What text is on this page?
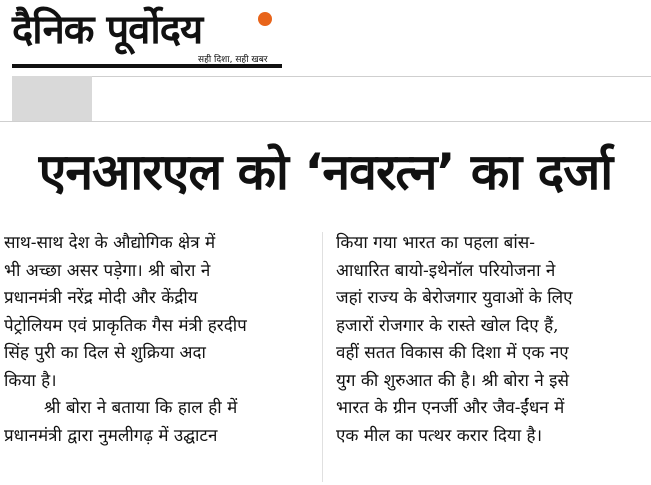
दैनिक पूर्वोदय
सही दिशा, सही खबर
एनआरएल को ‘नवरत्न’ का दर्जा
साथ-साथ देश के औद्योगिक क्षेत्र में
भी अच्छा असर पड़ेगा। श्री बोरा ने
प्रधानमंत्री नरेंद्र मोदी और केंद्रीय
पेट्रोलियम एवं प्राकृतिक गैस मंत्री हरदीप
सिंह पुरी का दिल से शुक्रिया अदा
किया है।
श्री बोरा ने बताया कि हाल ही में
प्रधानमंत्री द्वारा नुमलीगढ़ में उद्घाटन
किया गया भारत का पहला बांस-
आधारित बायो-इथेनॉल परियोजना ने
जहां राज्य के बेरोजगार युवाओं के लिए
हजारों रोजगार के रास्ते खोल दिए हैं,
वहीं सतत विकास की दिशा में एक नए
युग की शुरुआत की है। श्री बोरा ने इसे
भारत के ग्रीन एनर्जी और जैव-ईंधन में
एक मील का पत्थर करार दिया है।
